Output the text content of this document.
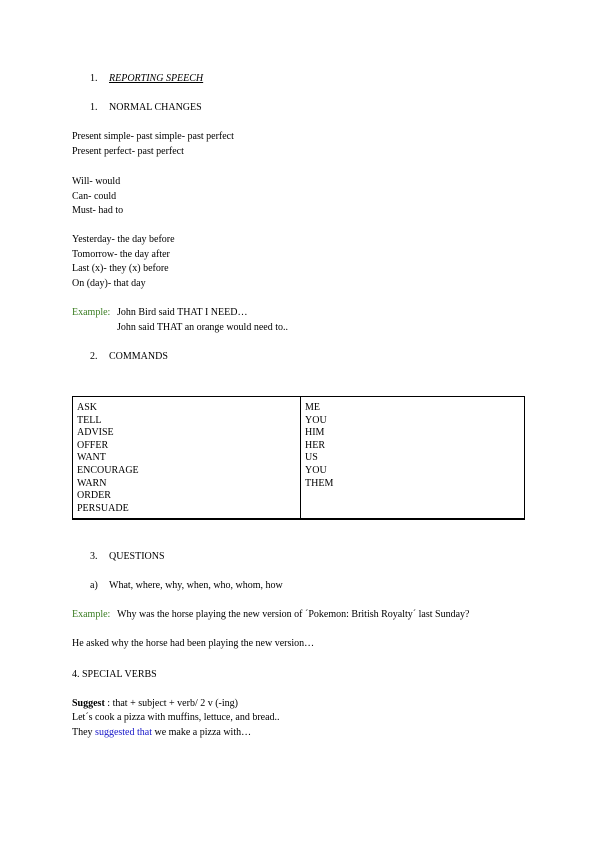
1. REPORTING SPEECH
1. NORMAL CHANGES
Present simple- past simple- past perfect
Present perfect- past perfect
Will- would
Can- could
Must- had to
Yesterday- the day before
Tomorrow- the day after
Last (x)- they (x) before
On (day)- that day
Example: John Bird said THAT I NEED…
John said THAT an orange would need to..
2. COMMANDS
ASK
TELL
ADVISE
OFFER
WANT
ENCOURAGE
WARN
ORDER
PERSUADE
ME
YOU
HIM
HER
US
YOU
THEM
3. QUESTIONS
a) What, where, why, when, who, whom, how
Example: Why was the horse playing the new version of ´Pokemon: British Royalty´ last Sunday?
He asked why the horse had been playing the new version…
4. SPECIAL VERBS
Suggest : that + subject + verb/ 2 v (-ing)
Let´s cook a pizza with muffins, lettuce, and bread..
They suggested that we make a pizza with…
